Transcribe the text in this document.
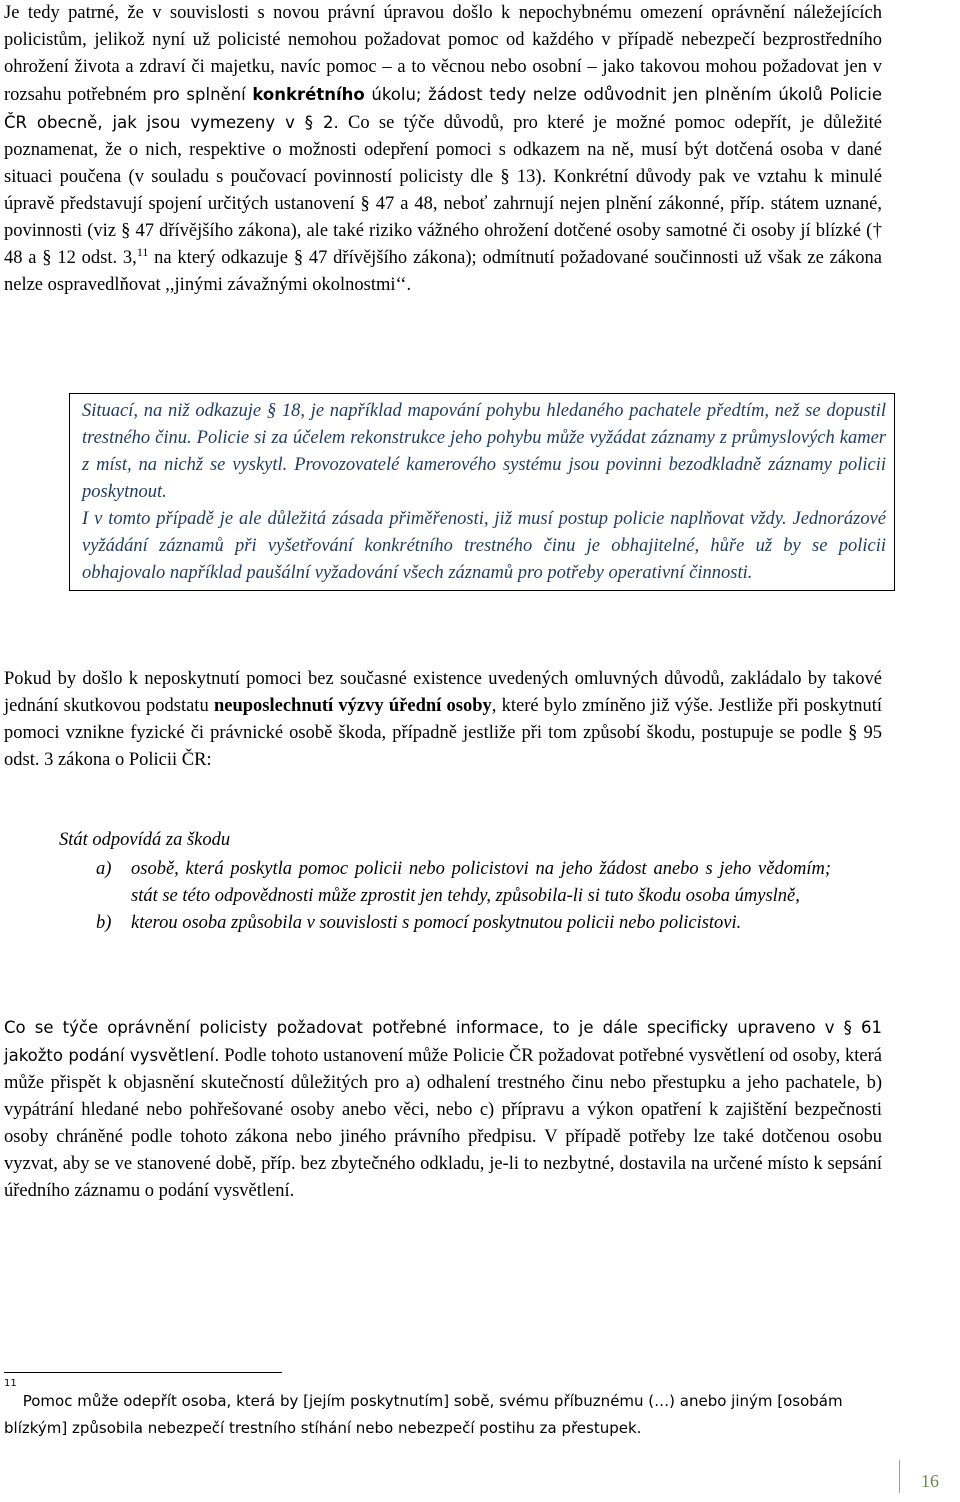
Je tedy patrné, že v souvislosti s novou právní úpravou došlo k nepochybnému omezení oprávnění náležejících policistům, jelikož nyní už policisté nemohou požadovat pomoc od každého v případě nebezpečí bezprostředního ohrožení života a zdraví či majetku, navíc pomoc – a to věcnou nebo osobní – jako takovou mohou požadovat jen v rozsahu potřebném pro splnění konkrétního úkolu; žádost tedy nelze odůvodnit jen plněním úkolů Policie ČR obecně, jak jsou vymezeny v § 2. Co se týče důvodů, pro které je možné pomoc odepřít, je důležité poznamenat, že o nich, respektive o možnosti odepření pomoci s odkazem na ně, musí být dotčená osoba v dané situaci poučena (v souladu s poučovací povinností policisty dle § 13). Konkrétní důvody pak ve vztahu k minulé úpravě představují spojení určitých ustanovení § 47 a 48, neboť zahrnují nejen plnění zákonné, příp. státem uznané, povinnosti (viz § 47 dřívějšího zákona), ale také riziko vážného ohrožení dotčené osoby samotné či osoby jí blízké († 48 a § 12 odst. 3,11 na který odkazuje § 47 dřívějšího zákona); odmítnutí požadované součinnosti už však ze zákona nelze ospravedlňovat ,,jinými závažnými okolnostmi‘‘.

Situací, na niž odkazuje § 18, je například mapování pohybu hledaného pachatele předtím, než se dopustil trestného činu. Policie si za účelem rekonstrukce jeho pohybu může vyžádat záznamy z průmyslových kamer z míst, na nichž se vyskytl. Provozovatelé kamerového systému jsou povinni bezodkladně záznamy policii poskytnout.

I v tomto případě je ale důležitá zásada přiměřenosti, již musí postup policie naplňovat vždy. Jednorázové vyžádání záznamů při vyšetřování konkrétního trestného činu je obhajitelné, hůře už by se policii obhajovalo například paušální vyžadování všech záznamů pro potřeby operativní činnosti.

Pokud by došlo k neposkytnutí pomoci bez současné existence uvedených omluvných důvodů, zakládalo by takové jednání skutkovou podstatu neuposlechnutí výzvy úřední osoby, které bylo zmíněno již výše. Jestliže při poskytnutí pomoci vznikne fyzické či právnické osobě škoda, případně jestliže při tom způsobí škodu, postupuje se podle § 95 odst. 3 zákona o Policii ČR:

Stát odpovídá za škodu

a)	osobě, která poskytla pomoc policii nebo policistovi na jeho žádost anebo s jeho vědomím; stát se této odpovědnosti může zprostit jen tehdy, způsobila-li si tuto škodu osoba úmyslně,
b)	kterou osoba způsobila v souvislosti s pomocí poskytnutou policii nebo policistovi.

Co se týče oprávnění policisty požadovat potřebné informace, to je dále specificky upraveno v § 61 jakožto podání vysvětlení. Podle tohoto ustanovení může Policie ČR požadovat potřebné vysvětlení od osoby, která může přispět k objasnění skutečností důležitých pro a) odhalení trestného činu nebo přestupku a jeho pachatele, b) vypátrání hledané nebo pohřešované osoby anebo věci, nebo c) přípravu a výkon opatření k zajištění bezpečnosti osoby chráněné podle tohoto zákona nebo jiného právního předpisu. V případě potřeby lze také dotčenou osobu vyzvat, aby se ve stanovené době, příp. bez zbytečného odkladu, je-li to nezbytné, dostavila na určené místo k sepsání úředního záznamu o podání vysvětlení.

$^{11}$Pomoc může odepřít osoba, která by [jejím poskytnutím] sobě, svému příbuznému (…) anebo jiným [osobám blízkým] způsobila nebezpečí trestního stíhání nebo nebezpečí postihu za přestupek.
16
